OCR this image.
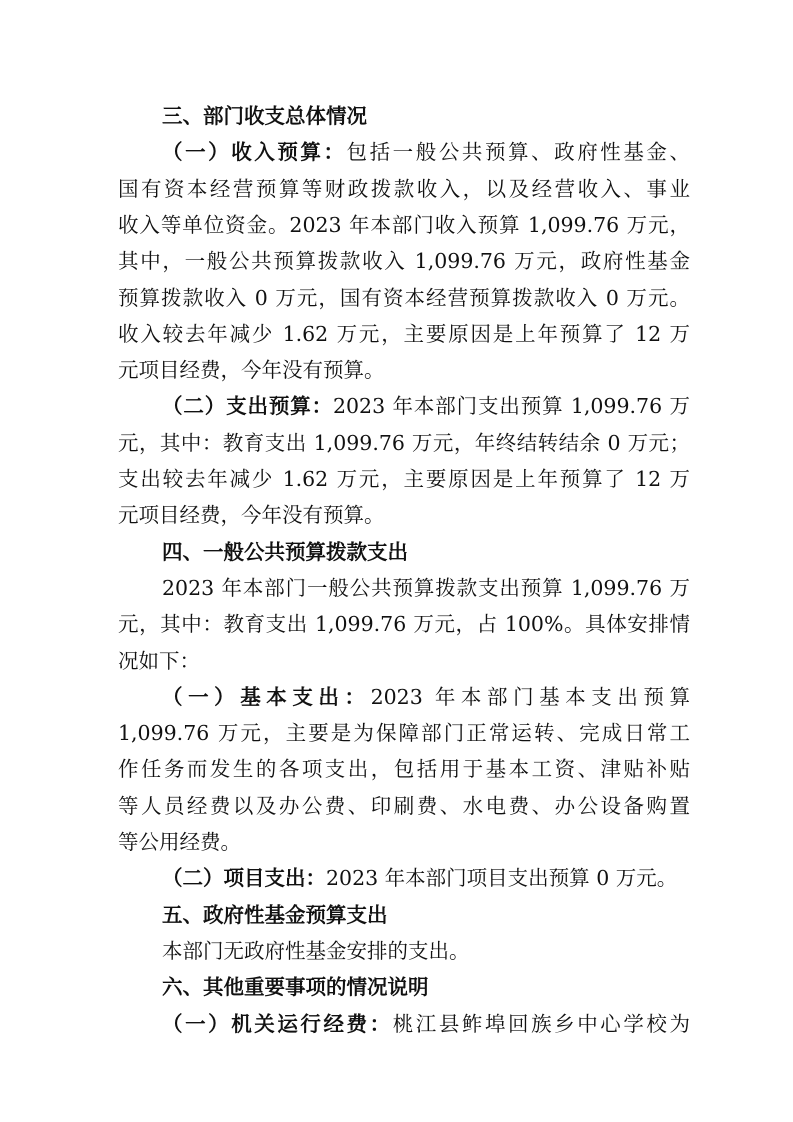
三、部门收支总体情况
（一）收入预算：包括一般公共预算、政府性基金、
国有资本经营预算等财政拨款收入，以及经营收入、事业
收入等单位资金。2023 年本部门收入预算 1,099.76 万元，
其中，一般公共预算拨款收入 1,099.76 万元，政府性基金
预算拨款收入 0 万元，国有资本经营预算拨款收入 0 万元。
收入较去年减少 1.62 万元，主要原因是上年预算了 12 万
元项目经费，今年没有预算。
（二）支出预算：2023 年本部门支出预算 1,099.76 万
元，其中：教育支出 1,099.76 万元，年终结转结余 0 万元；
支出较去年减少 1.62 万元，主要原因是上年预算了 12 万
元项目经费，今年没有预算。
四、一般公共预算拨款支出
2023 年本部门一般公共预算拨款支出预算 1,099.76 万
元，其中：教育支出 1,099.76 万元，占 100%。具体安排情
况如下：
（一）基本支出：2023 年本部门基本支出预算
1,099.76 万元，主要是为保障部门正常运转、完成日常工
作任务而发生的各项支出，包括用于基本工资、津贴补贴
等人员经费以及办公费、印刷费、水电费、办公设备购置
等公用经费。
（二）项目支出：2023 年本部门项目支出预算 0 万元。
五、政府性基金预算支出
本部门无政府性基金安排的支出。
六、其他重要事项的情况说明
（一）机关运行经费：桃江县鲊埠回族乡中心学校为
